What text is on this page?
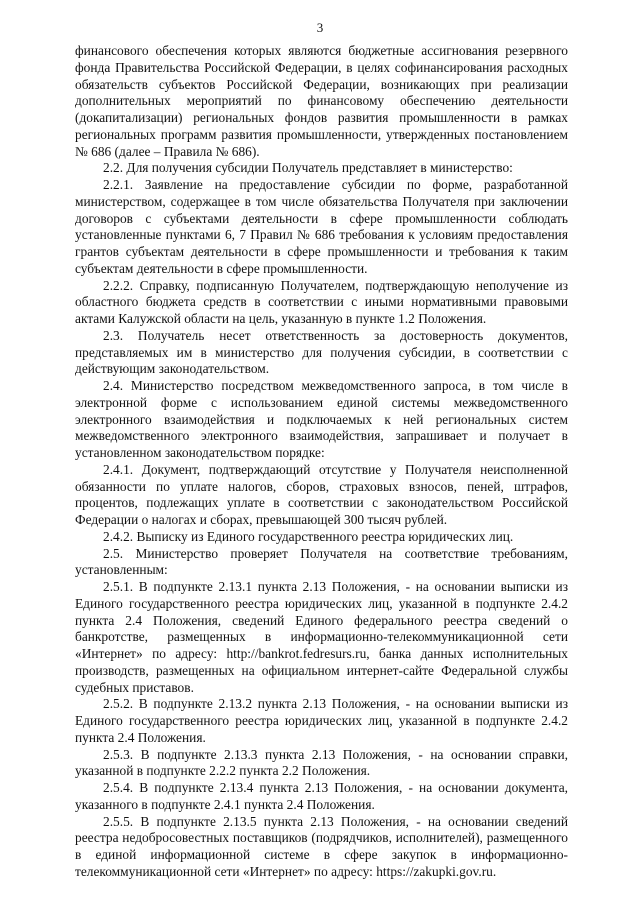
3

финансового обеспечения которых являются бюджетные ассигнования резервного фонда Правительства Российской Федерации, в целях софинансирования расходных обязательств субъектов Российской Федерации, возникающих при реализации дополнительных мероприятий по финансовому обеспечению деятельности (докапитализации) региональных фондов развития промышленности в рамках региональных программ развития промышленности, утвержденных постановлением № 686 (далее – Правила № 686).

2.2. Для получения субсидии Получатель представляет в министерство:

2.2.1. Заявление на предоставление субсидии по форме, разработанной министерством, содержащее в том числе обязательства Получателя при заключении договоров с субъектами деятельности в сфере промышленности соблюдать установленные пунктами 6, 7 Правил № 686 требования к условиям предоставления грантов субъектам деятельности в сфере промышленности и требования к таким субъектам деятельности в сфере промышленности.

2.2.2. Справку, подписанную Получателем, подтверждающую неполучение из областного бюджета средств в соответствии с иными нормативными правовыми актами Калужской области на цель, указанную в пункте 1.2 Положения.

2.3. Получатель несет ответственность за достоверность документов, представляемых им в министерство для получения субсидии, в соответствии с действующим законодательством.

2.4. Министерство посредством межведомственного запроса, в том числе в электронной форме с использованием единой системы межведомственного электронного взаимодействия и подключаемых к ней региональных систем межведомственного электронного взаимодействия, запрашивает и получает в установленном законодательством порядке:

2.4.1. Документ, подтверждающий отсутствие у Получателя неисполненной обязанности по уплате налогов, сборов, страховых взносов, пеней, штрафов, процентов, подлежащих уплате в соответствии с законодательством Российской Федерации о налогах и сборах, превышающей 300 тысяч рублей.

2.4.2. Выписку из Единого государственного реестра юридических лиц.

2.5. Министерство проверяет Получателя на соответствие требованиям, установленным:

2.5.1. В подпункте 2.13.1 пункта 2.13 Положения, - на основании выписки из Единого государственного реестра юридических лиц, указанной в подпункте 2.4.2 пункта 2.4 Положения, сведений Единого федерального реестра сведений о банкротстве, размещенных в информационно-телекоммуникационной сети «Интернет» по адресу: http://bankrot.fedresurs.ru, банка данных исполнительных производств, размещенных на официальном интернет-сайте Федеральной службы судебных приставов.

2.5.2. В подпункте 2.13.2 пункта 2.13 Положения, - на основании выписки из Единого государственного реестра юридических лиц, указанной в подпункте 2.4.2 пункта 2.4 Положения.

2.5.3. В подпункте 2.13.3 пункта 2.13 Положения, - на основании справки, указанной в подпункте 2.2.2 пункта 2.2 Положения.

2.5.4. В подпункте 2.13.4 пункта 2.13 Положения, - на основании документа, указанного в подпункте 2.4.1 пункта 2.4 Положения.

2.5.5. В подпункте 2.13.5 пункта 2.13 Положения, - на основании сведений реестра недобросовестных поставщиков (подрядчиков, исполнителей), размещенного в единой информационной системе в сфере закупок в информационно-телекоммуникационной сети «Интернет» по адресу: https://zakupki.gov.ru.
